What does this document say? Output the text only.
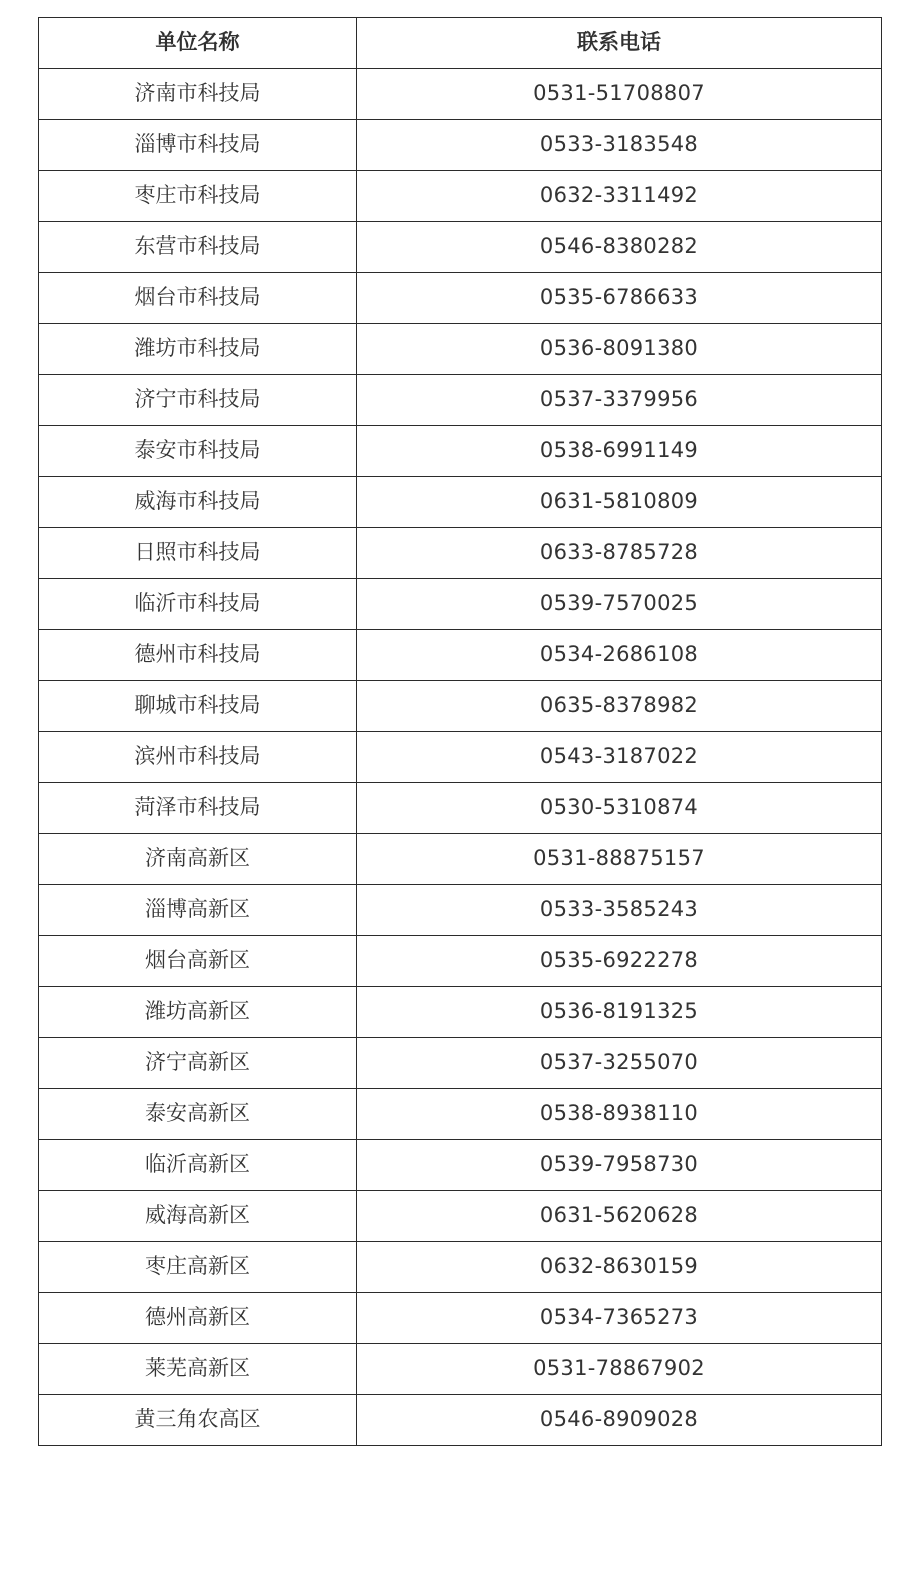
单位名称	联系电话
济南市科技局	0531-51708807
淄博市科技局	0533-3183548
枣庄市科技局	0632-3311492
东营市科技局	0546-8380282
烟台市科技局	0535-6786633
潍坊市科技局	0536-8091380
济宁市科技局	0537-3379956
泰安市科技局	0538-6991149
威海市科技局	0631-5810809
日照市科技局	0633-8785728
临沂市科技局	0539-7570025
德州市科技局	0534-2686108
聊城市科技局	0635-8378982
滨州市科技局	0543-3187022
菏泽市科技局	0530-5310874
济南高新区	0531-88875157
淄博高新区	0533-3585243
烟台高新区	0535-6922278
潍坊高新区	0536-8191325
济宁高新区	0537-3255070
泰安高新区	0538-8938110
临沂高新区	0539-7958730
威海高新区	0631-5620628
枣庄高新区	0632-8630159
德州高新区	0534-7365273
莱芜高新区	0531-78867902
黄三角农高区	0546-8909028
